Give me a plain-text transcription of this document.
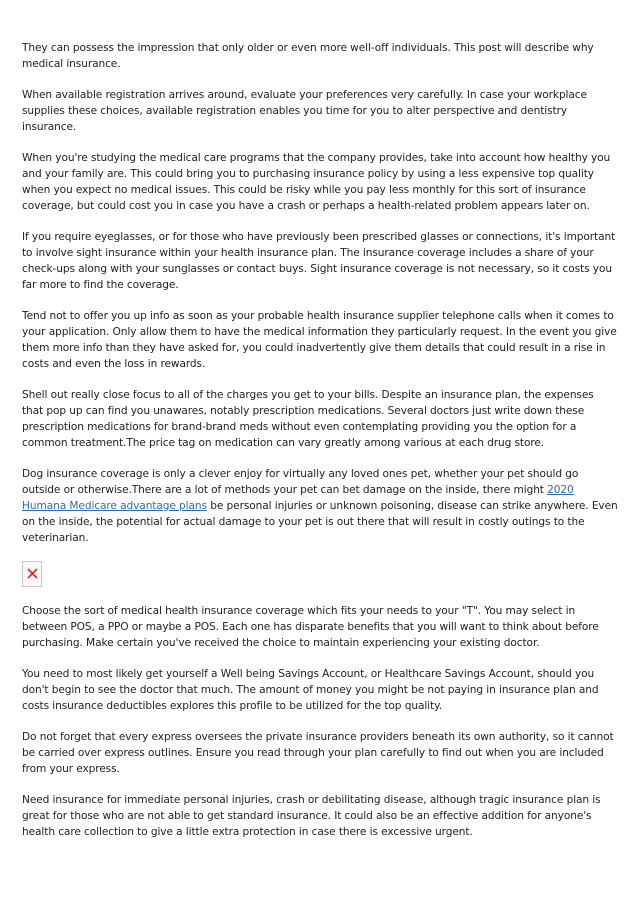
They can possess the impression that only older or even more well-off individuals. This post will describe why medical insurance.

When available registration arrives around, evaluate your preferences very carefully. In case your workplace supplies these choices, available registration enables you time for you to alter perspective and dentistry insurance.

When you're studying the medical care programs that the company provides, take into account how healthy you and your family are. This could bring you to purchasing insurance policy by using a less expensive top quality when you expect no medical issues. This could be risky while you pay less monthly for this sort of insurance coverage, but could cost you in case you have a crash or perhaps a health-related problem appears later on.

If you require eyeglasses, or for those who have previously been prescribed glasses or connections, it's important to involve sight insurance within your health insurance plan. The insurance coverage includes a share of your check-ups along with your sunglasses or contact buys. Sight insurance coverage is not necessary, so it costs you far more to find the coverage.

Tend not to offer you up info as soon as your probable health insurance supplier telephone calls when it comes to your application. Only allow them to have the medical information they particularly request. In the event you give them more info than they have asked for, you could inadvertently give them details that could result in a rise in costs and even the loss in rewards.

Shell out really close focus to all of the charges you get to your bills. Despite an insurance plan, the expenses that pop up can find you unawares, notably prescription medications. Several doctors just write down these prescription medications for brand-brand meds without even contemplating providing you the option for a common treatment.The price tag on medication can vary greatly among various at each drug store.

Dog insurance coverage is only a clever enjoy for virtually any loved ones pet, whether your pet should go outside or otherwise.There are a lot of methods your pet can bet damage on the inside, there might 2020 Humana Medicare advantage plans be personal injuries or unknown poisoning, disease can strike anywhere. Even on the inside, the potential for actual damage to your pet is out there that will result in costly outings to the veterinarian.

Choose the sort of medical health insurance coverage which fits your needs to your "T". You may select in between POS, a PPO or maybe a POS. Each one has disparate benefits that you will want to think about before purchasing. Make certain you've received the choice to maintain experiencing your existing doctor.

You need to most likely get yourself a Well being Savings Account, or Healthcare Savings Account, should you don't begin to see the doctor that much. The amount of money you might be not paying in insurance plan and costs insurance deductibles explores this profile to be utilized for the top quality.

Do not forget that every express oversees the private insurance providers beneath its own authority, so it cannot be carried over express outlines. Ensure you read through your plan carefully to find out when you are included from your express.

Need insurance for immediate personal injuries, crash or debilitating disease, although tragic insurance plan is great for those who are not able to get standard insurance. It could also be an effective addition for anyone's health care collection to give a little extra protection in case there is excessive urgent.
